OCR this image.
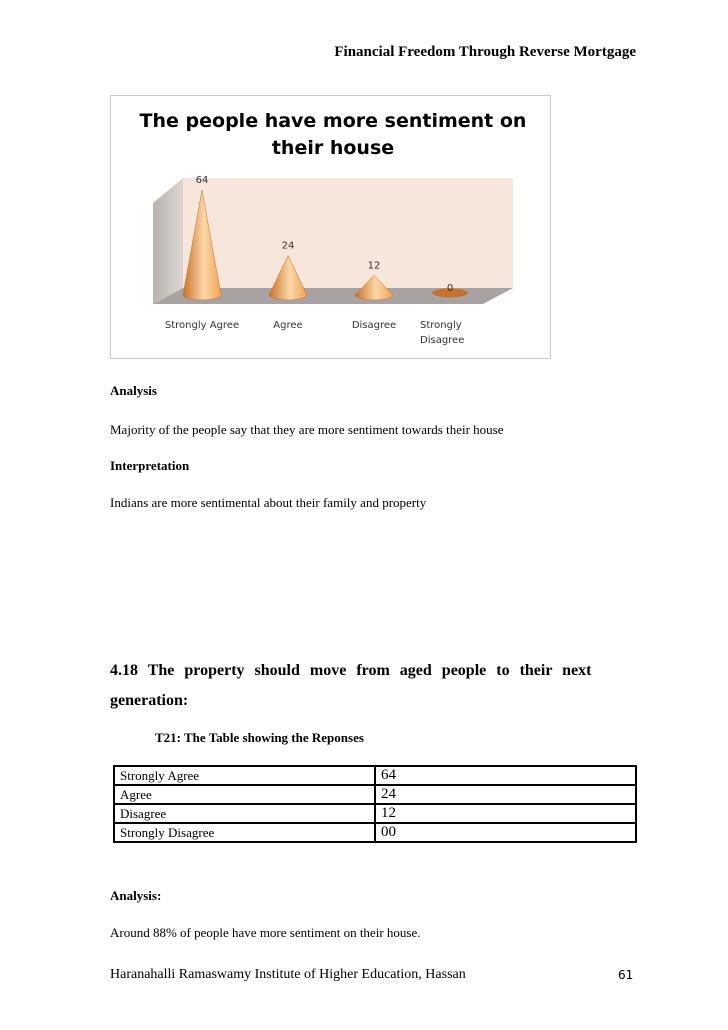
Financial Freedom Through Reverse Mortgage
The people have more sentiment on
their house
64
Strongly Agree
24
Agree
12
Disagree
0
Strongly
Disagree
Analysis
Majority of the people say that they are more sentiment towards their house
Interpretation
Indians are more sentimental about their family and property
4.18 The property should move from aged people to their next
generation:
T21: The Table showing the Reponses
Strongly Agree	64
Agree	24
Disagree	12
Strongly Disagree	00
Analysis:
Around 88% of people have more sentiment on their house.
Haranahalli Ramaswamy Institute of Higher Education, Hassan	61
